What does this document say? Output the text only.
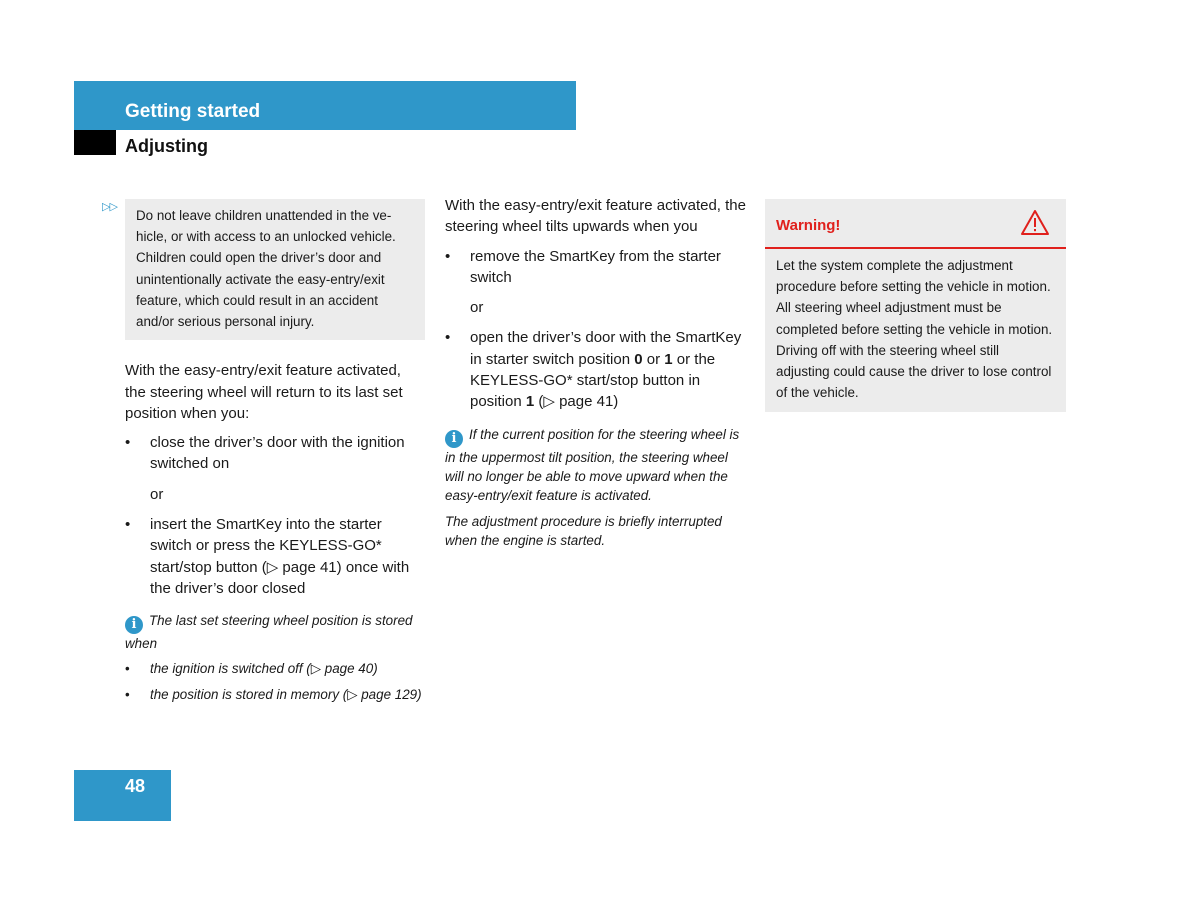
Getting started
Adjusting
▷▷
Do not leave children unattended in the vehicle, or with access to an unlocked vehicle. Children could open the driver’s door and unintentionally activate the easy-entry/exit feature, which could result in an accident and/or serious personal injury.

With the easy-entry/exit feature activated, the steering wheel will return to its last set position when you:

• close the driver’s door with the ignition switched on

or

• insert the SmartKey into the starter switch or press the KEYLESS-GO* start/stop button (▷ page 41) once with the driver’s door closed

i The last set steering wheel position is stored when

• the ignition is switched off (▷ page 40)
• the position is stored in memory (▷ page 129)

With the easy-entry/exit feature activated, the steering wheel tilts upwards when you

• remove the SmartKey from the starter switch

or

• open the driver’s door with the SmartKey in starter switch position 0 or 1 or the KEYLESS-GO* start/stop button in position 1 (▷ page 41)

i If the current position for the steering wheel is in the uppermost tilt position, the steering wheel will no longer be able to move upward when the easy-entry/exit feature is activated.

The adjustment procedure is briefly interrupted when the engine is started.

Warning!
Let the system complete the adjustment procedure before setting the vehicle in motion. All steering wheel adjustment must be completed before setting the vehicle in motion. Driving off with the steering wheel still adjusting could cause the driver to lose control of the vehicle.
48
